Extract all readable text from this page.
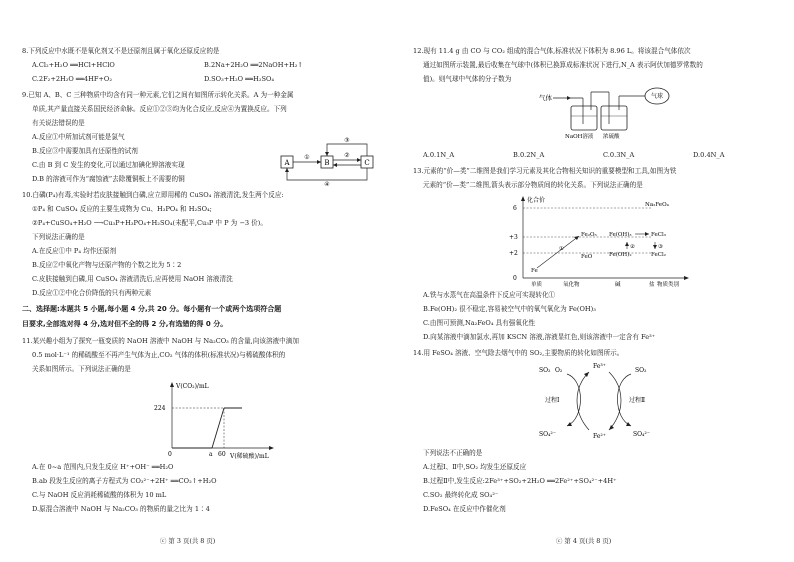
8.下列反应中水既不是氧化剂又不是还原剂且属于氧化还原反应的是
A.Cl₂+H₂O ══HCl+HClO	B.2Na+2H₂O ══2NaOH+H₂↑
C.2F₂+2H₂O ══4HF+O₂	D.SO₃+H₂O ══H₂SO₄
9.已知 A、B、C 三种物质中均含有同一种元素,它们之间有如图所示转化关系。A 为一种金属
单质,其产量直接关系国民经济命脉。反应①②③均为化合反应,反应④为置换反应。下列
有关说法错误的是
A.反应①中所加试剂可能是氯气
B.反应③中需要加具有还原性的试剂
C.由 B 到 C 发生的变化,可以通过加碘化钾溶液实现
D.B 的溶液可作为“腐蚀液”去除覆铜板上不需要的铜
A	B	C
①	②
③
④
10.白磷(P₄)有毒,实验时若皮肤接触到白磷,应立即用稀的 CuSO₄ 溶液清洗,发生两个反应:
①P₄ 和 CuSO₄ 反应的主要生成物为 Cu、H₃PO₄ 和 H₂SO₄;
②P₄+CuSO₄+H₂O ⟶Cu₃P+H₃PO₄+H₂SO₄(未配平,Cu₃P 中 P 为 −3 价)。
下列说法正确的是
A.在反应①中 P₄ 均作还原剂
B.反应②中氧化产物与还原产物的个数之比为 5∶2
C.皮肤接触到白磷,用 CuSO₄ 溶液清洗后,应再使用 NaOH 溶液清洗
D.反应①②中化合价降低的只有两种元素
二、选择题:本题共 5 小题,每小题 4 分,共 20 分。每小题有一个或两个选项符合题
目要求,全部选对得 4 分,选对但不全的得 2 分,有选错的得 0 分。
11.某兴趣小组为了探究一瓶变质的 NaOH 溶液中 NaOH 与 Na₂CO₃ 的含量,向该溶液中滴加
0.5 mol·L⁻¹ 的稀硫酸至不再产生气体为止,CO₂ 气体的体积(标准状况)与稀硫酸体积的
关系如图所示。下列说法正确的是
V(CO₂)/mL
V(稀硫酸)/mL
224
0	a 60
A.在 0~a 范围内,只发生反应 H⁺+OH⁻ ══H₂O
B.ab 段发生反应的离子方程式为 CO₃²⁻+2H⁺ ══CO₂↑+H₂O
C.与 NaOH 反应消耗稀硫酸的体积为 10 mL
D.原混合溶液中 NaOH 与 Na₂CO₃ 的物质的量之比为 1∶4
ⓒ 第 3 页(共 8 页)
12.现有 11.4 g 由 CO 与 CO₂ 组成的混合气体,标准状况下体积为 8.96 L。将该混合气体依次
通过如图所示装置,最后收集在气球中(体积已换算成标准状况下进行,N_A 表示阿伏加德罗常数的
值)。则气球中气体的分子数为
气体	气球
NaOH溶液 浓硫酸
A.0.1N_A	B.0.2N_A	C.0.3N_A	D.0.4N_A
13.元素的“价—类”二维图是我们学习元素及其化合物相关知识的重要模型和工具,如图为铁
元素的“价—类”二维图,箭头表示部分物质间的转化关系。下列说法正确的是
化合价
6
+3
+2
0
Na₂FeO₄
Fe₂O₃ Fe(OH)₃	FeCl₃
FeO	Fe(OH)₂	FeCl₂
Fe
①	②	③
单质	氧化物	碱	盐 物质类别
A.铁与水蒸气在高温条件下反应可实现转化①
B.Fe(OH)₂ 很不稳定,容易被空气中的氧气氧化为 Fe(OH)₃
C.由图可预测,Na₂FeO₄ 具有强氧化性
D.向某溶液中滴加氯水,再加 KSCN 溶液,溶液显红色,则该溶液中一定含有 Fe³⁺
14.用 FeSO₄ 溶液、空气除去烟气中的 SO₂,主要物质的转化如图所示。
SO₂ O₂
Fe³⁺
SO₂
SO₄²⁻	Fe²⁺	SO₄²⁻
过程Ⅰ	过程Ⅱ
下列说法不正确的是
A.过程Ⅰ、Ⅱ中,SO₂ 均发生还原反应
B.过程Ⅱ中,发生反应:2Fe³⁺+SO₂+2H₂O ══2Fe²⁺+SO₄²⁻+4H⁺
C.SO₂ 最终转化成 SO₄²⁻
D.FeSO₄ 在反应中作催化剂
ⓒ 第 4 页(共 8 页)
